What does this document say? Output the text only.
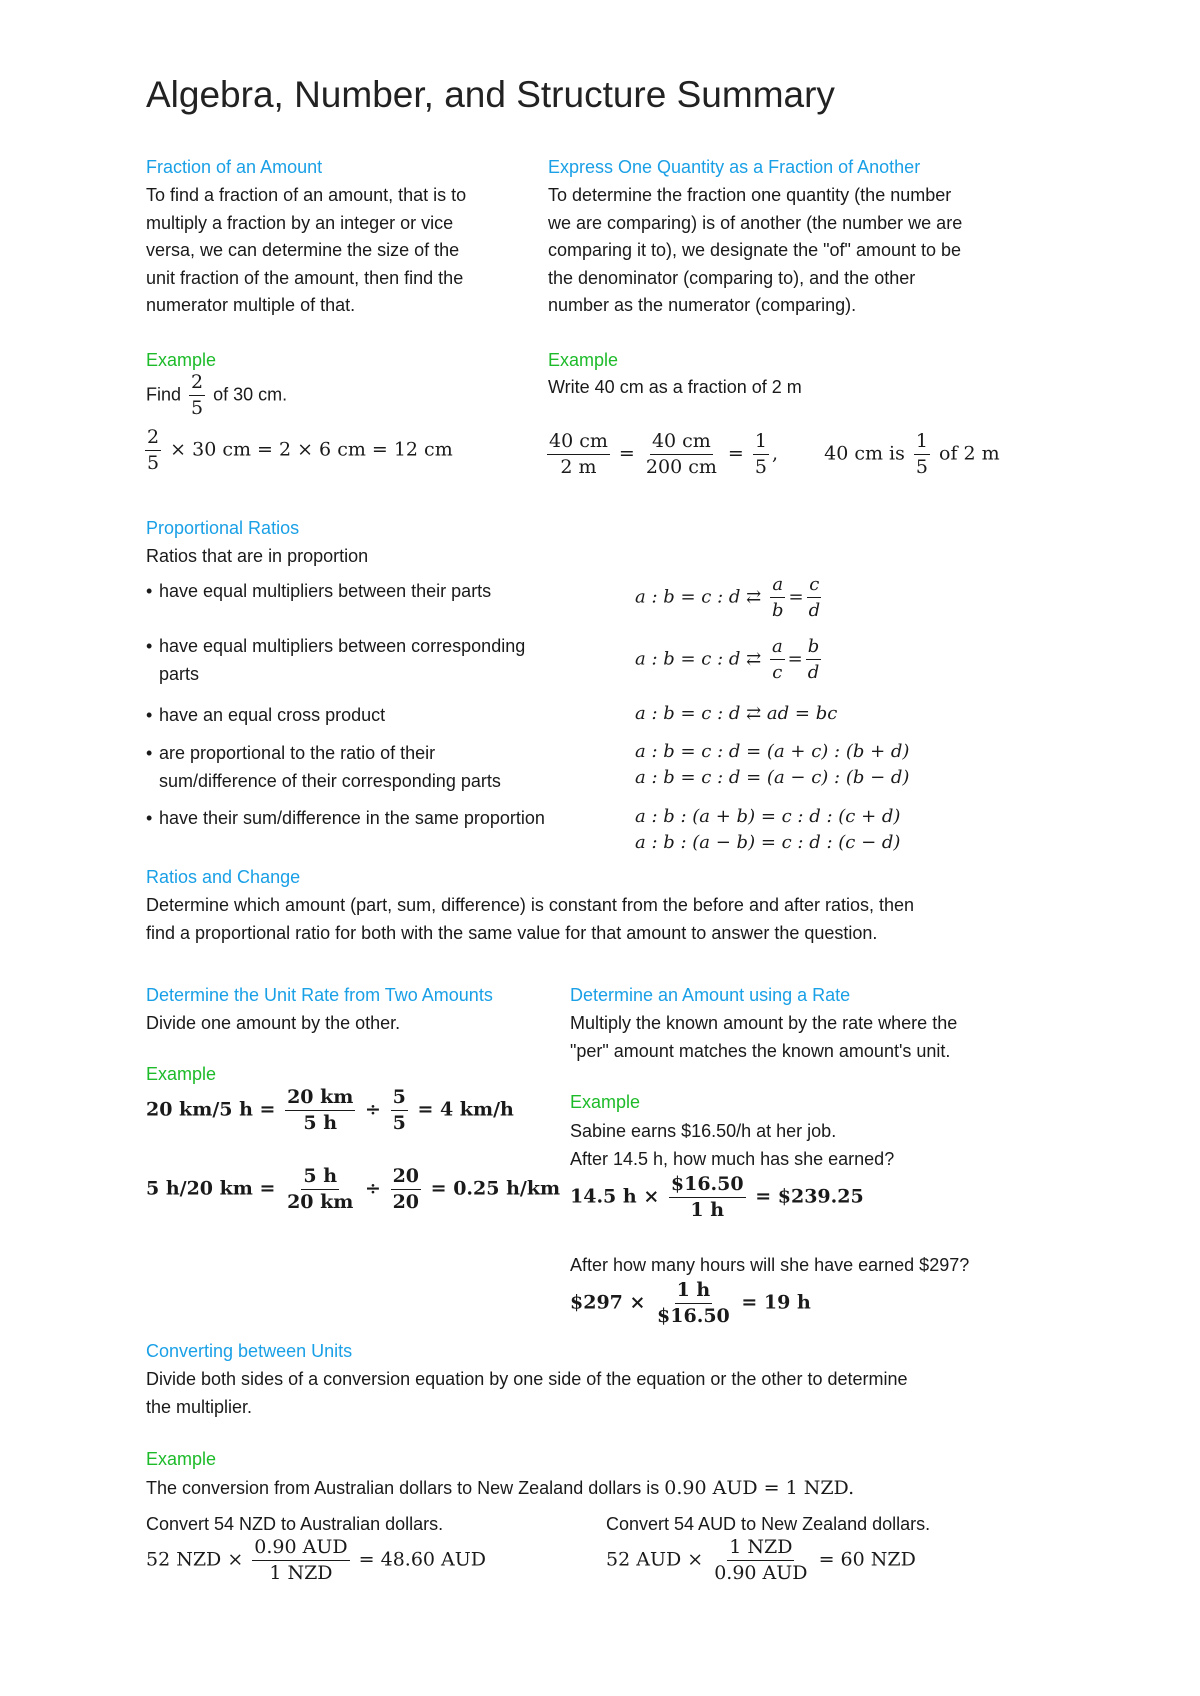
Algebra, Number, and Structure Summary
Fraction of an Amount
To find a fraction of an amount, that is to
multiply a fraction by an integer or vice
versa, we can determine the size of the
unit fraction of the amount, then find the
numerator multiple of that.
Example
Find $\frac{2}{5}$ of 30 cm.
$\frac{2}{5} \times 30$ cm = 2 × 6 cm = 12 cm
Express One Quantity as a Fraction of Another
To determine the fraction one quantity (the number
we are comparing) is of another (the number we are
comparing it to), we designate the "of" amount to be
the denominator (comparing to), and the other
number as the numerator (comparing).
Example
Write 40 cm as a fraction of 2 m
$\frac{40 cm}{2 m} = \frac{40 cm}{200 cm} = \frac{1}{5}$ , 40 cm is $\frac{1}{5}$ of 2 m
Proportional Ratios
Ratios that are in proportion
• have equal multipliers between their parts
• have equal multipliers between corresponding
parts
• have an equal cross product
• are proportional to the ratio of their
sum/difference of their corresponding parts
• have their sum/difference in the same proportion
a : b = c : d ⇄ $\frac{a}{b} = \frac{c}{d}$
a : b = c : d ⇄ $\frac{a}{c} = \frac{b}{d}$
a : b = c : d ⇄ ad = bc
a : b = c : d = (a + c) : (b + d)
a : b = c : d = (a − c) : (b − d)
a : b : (a + b) = c : d : (c + d)
a : b : (a − b) = c : d : (c − d)
Ratios and Change
Determine which amount (part, sum, difference) is constant from the before and after ratios, then
find a proportional ratio for both with the same value for that amount to answer the question.
Determine the Unit Rate from Two Amounts
Divide one amount by the other.
Example
20 km/5 $h = \frac{20 km}{5 h} \div \frac{5}{5} = 4$ km/h
5 h/20 km = $\frac{5 h}{20 km} \div \frac{20}{20} = 0.25$ h/km
Determine an Amount using a Rate
Multiply the known amount by the rate where the
"per" amount matches the known amount's unit.
Example
Sabine earns $16.50/h at her job.
After 14.5 h, how much has she earned?
14.5 $h \times \frac{\$16.50}{1 h}$ = $239.25
After how many hours will she have earned $297?
$297 × $\frac{1 h}{\$16.50} = 19$ h
Converting between Units
Divide both sides of a conversion equation by one side of the equation or the other to determine
the multiplier.
Example
The conversion from Australian dollars to New Zealand dollars is 0.90 AUD = 1 NZD.
Convert 54 NZD to Australian dollars.
52 NZD × $\frac{\text{0.90 AUD}}{\text{1 NZD}} = 48.60$ AUD
Convert 54 AUD to New Zealand dollars.
52 AUD × $\frac{\text{1 NZD}}{\text{0.90 AUD}} = 60$ NZD
